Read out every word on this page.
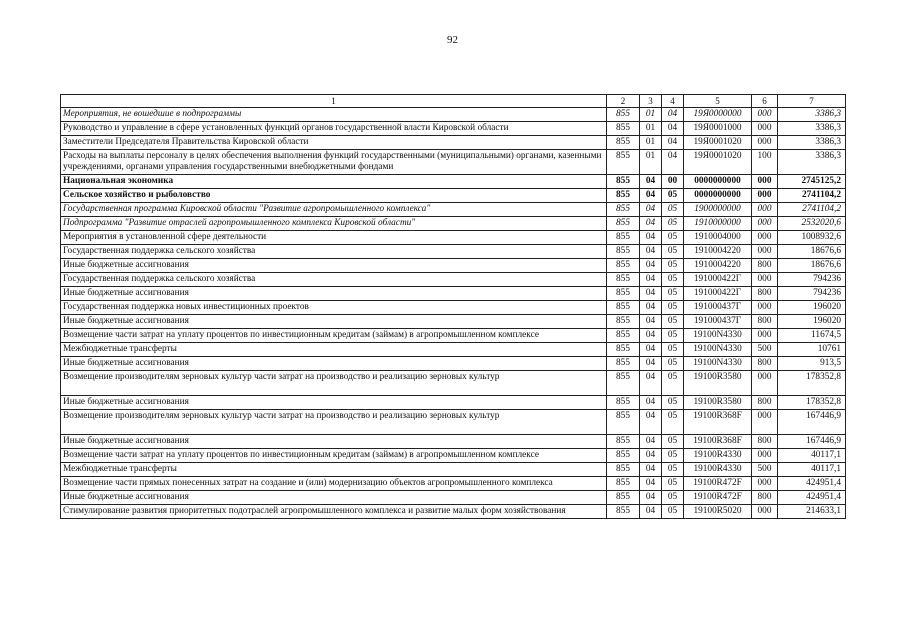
92
1	2	3	4	5	6	7
Мероприятия, не вошедшие в подпрограммы	855	01	04	19Я0000000	000	3386,3
Руководство и управление в сфере установленных функций органов государственной власти Кировской области	855	01	04	19Я0001000	000	3386,3
Заместители Председателя Правительства Кировской области	855	01	04	19Я0001020	000	3386,3
Расходы на выплаты персоналу в целях обеспечения выполнения функций государственными (муниципальными) органами, казенными учреждениями, органами управления государственными внебюджетными фондами	855	01	04	19Я0001020	100	3386,3
Национальная экономика	855	04	00	0000000000	000	2745125,2
Сельское хозяйство и рыболовство	855	04	05	0000000000	000	2741104,2
Государственная программа Кировской области "Развитие агропромышленного комплекса"	855	04	05	1900000000	000	2741104,2
Подпрограмма "Развитие отраслей агропромышленного комплекса Кировской области"	855	04	05	1910000000	000	2532020,6
Мероприятия в установленной сфере деятельности	855	04	05	1910004000	000	1008932,6
Государственная поддержка сельского хозяйства	855	04	05	1910004220	000	18676,6
Иные бюджетные ассигнования	855	04	05	1910004220	800	18676,6
Государственная поддержка сельского хозяйства	855	04	05	191000422Г	000	794236
Иные бюджетные ассигнования	855	04	05	191000422Г	800	794236
Государственная поддержка новых инвестиционных проектов	855	04	05	191000437Г	000	196020
Иные бюджетные ассигнования	855	04	05	191000437Г	800	196020
Возмещение части затрат на уплату процентов по инвестиционным кредитам (займам) в агропромышленном комплексе	855	04	05	19100N4330	000	11674,5
Межбюджетные трансферты	855	04	05	19100N4330	500	10761
Иные бюджетные ассигнования	855	04	05	19100N4330	800	913,5
Возмещение производителям зерновых культур части затрат на производство и реализацию зерновых культур	855	04	05	19100R3580	000	178352,8
Иные бюджетные ассигнования	855	04	05	19100R3580	800	178352,8
Возмещение производителям зерновых культур части затрат на производство и реализацию зерновых культур	855	04	05	19100R368F	000	167446,9
Иные бюджетные ассигнования	855	04	05	19100R368F	800	167446,9
Возмещение части затрат на уплату процентов по инвестиционным кредитам (займам) в агропромышленном комплексе	855	04	05	19100R4330	000	40117,1
Межбюджетные трансферты	855	04	05	19100R4330	500	40117,1
Возмещение части прямых понесенных затрат на создание и (или) модернизацию объектов агропромышленного комплекса	855	04	05	19100R472F	000	424951,4
Иные бюджетные ассигнования	855	04	05	19100R472F	800	424951,4
Стимулирование развития приоритетных подотраслей агропромышленного комплекса и развитие малых форм хозяйствования	855	04	05	19100R5020	000	214633,1
